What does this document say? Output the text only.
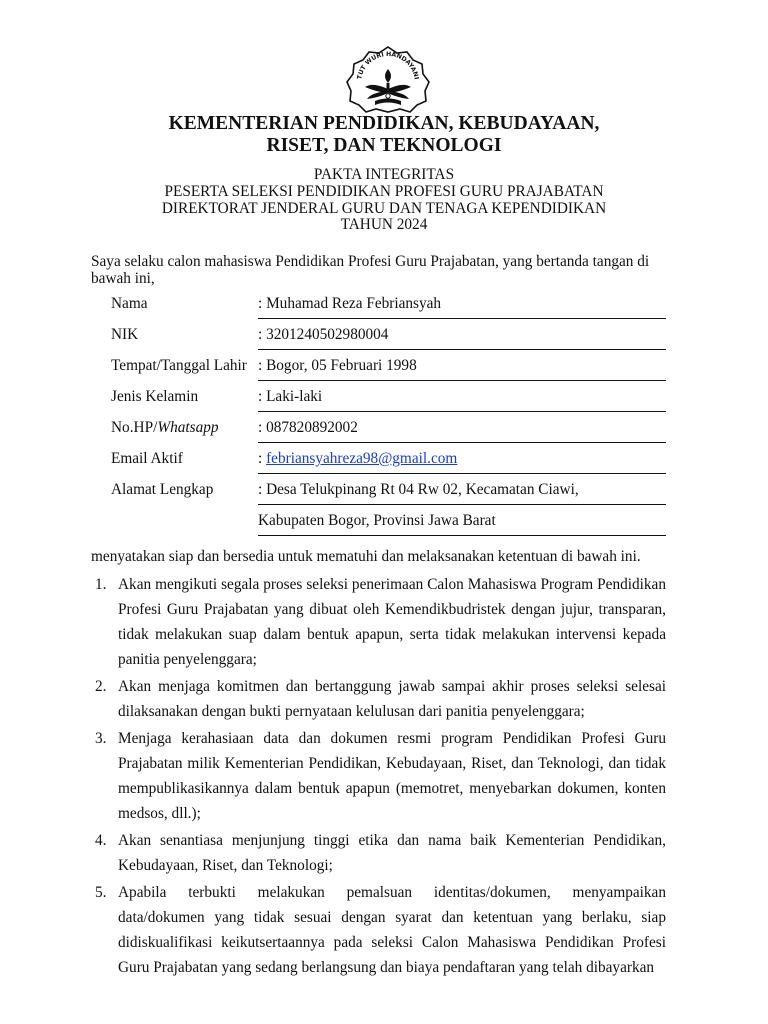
TUT WURI HANDAYANI
KEMENTERIAN PENDIDIKAN, KEBUDAYAAN,
RISET, DAN TEKNOLOGI
PAKTA INTEGRITAS
PESERTA SELEKSI PENDIDIKAN PROFESI GURU PRAJABATAN
DIREKTORAT JENDERAL GURU DAN TENAGA KEPENDIDIKAN
TAHUN 2024
Saya selaku calon mahasiswa Pendidikan Profesi Guru Prajabatan, yang bertanda tangan di bawah ini,
Nama	: Muhamad Reza Febriansyah
NIK	: 3201240502980004
Tempat/Tanggal Lahir : Bogor, 05 Februari 1998
Jenis Kelamin	: Laki-laki
No.HP/Whatsapp	: 087820892002
Email Aktif	: febriansyahreza98@gmail.com
Alamat Lengkap	: Desa Telukpinang Rt 04 Rw 02, Kecamatan Ciawi,
Kabupaten Bogor, Provinsi Jawa Barat
menyatakan siap dan bersedia untuk mematuhi dan melaksanakan ketentuan di bawah ini.
1. Akan mengikuti segala proses seleksi penerimaan Calon Mahasiswa Program Pendidikan Profesi Guru Prajabatan yang dibuat oleh Kemendikbudristek dengan jujur, transparan, tidak melakukan suap dalam bentuk apapun, serta tidak melakukan intervensi kepada panitia penyelenggara;
2. Akan menjaga komitmen dan bertanggung jawab sampai akhir proses seleksi selesai dilaksanakan dengan bukti pernyataan kelulusan dari panitia penyelenggara;
3. Menjaga kerahasiaan data dan dokumen resmi program Pendidikan Profesi Guru Prajabatan milik Kementerian Pendidikan, Kebudayaan, Riset, dan Teknologi, dan tidak mempublikasikannya dalam bentuk apapun (memotret, menyebarkan dokumen, konten medsos, dll.);
4. Akan senantiasa menjunjung tinggi etika dan nama baik Kementerian Pendidikan, Kebudayaan, Riset, dan Teknologi;
5. Apabila terbukti melakukan pemalsuan identitas/dokumen, menyampaikan data/dokumen yang tidak sesuai dengan syarat dan ketentuan yang berlaku, siap didiskualifikasi keikutsertaannya pada seleksi Calon Mahasiswa Pendidikan Profesi Guru Prajabatan yang sedang berlangsung dan biaya pendaftaran yang telah dibayarkan
